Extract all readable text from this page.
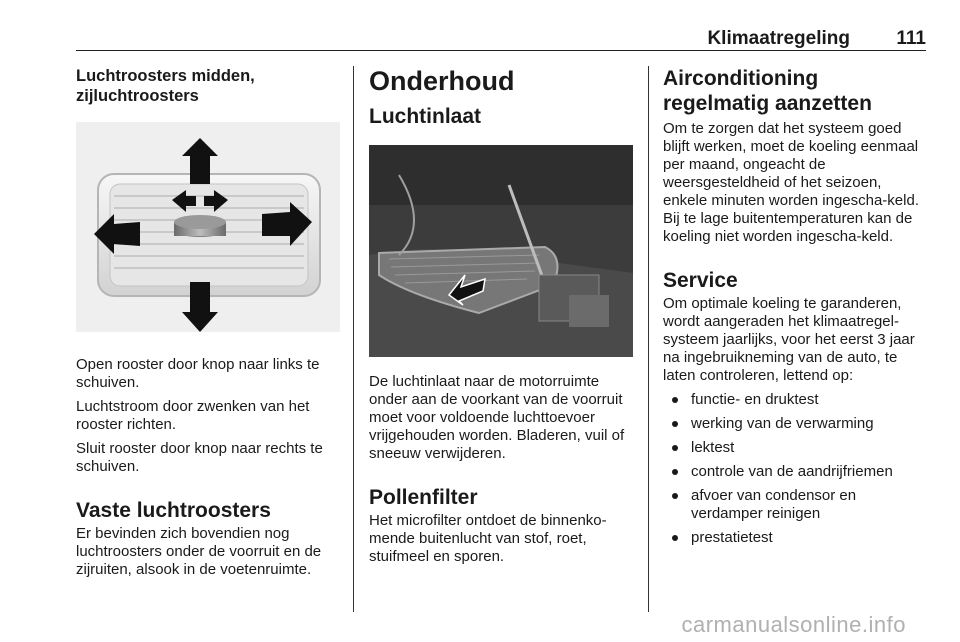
Klimaatregeling 111
Luchtroosters midden, zijluchtroosters

Open rooster door knop naar links te schuiven.

Luchtstroom door zwenken van het rooster richten.

Sluit rooster door knop naar rechts te schuiven.

Vaste luchtroosters

Er bevinden zich bovendien nog luchtroosters onder de voorruit en de zijruiten, alsook in de voetenruimte.

Onderhoud
Luchtinlaat

De luchtinlaat naar de motorruimte onder aan de voorkant van de voorruit moet voor voldoende luchttoevoer vrijgehouden worden. Bladeren, vuil of sneeuw verwijderen.

Pollenfilter

Het microfilter ontdoet de binnenko-mende buitenlucht van stof, roet, stuifmeel en sporen.

Airconditioning regelmatig aanzetten

Om te zorgen dat het systeem goed blijft werken, moet de koeling eenmaal per maand, ongeacht de weersgesteldheid of het seizoen, enkele minuten worden ingescha-keld. Bij te lage buitentemperaturen kan de koeling niet worden ingescha-keld.

Service

Om optimale koeling te garanderen, wordt aangeraden het klimaatregel-systeem jaarlijks, voor het eerst 3 jaar na ingebruikneming van de auto, te laten controleren, lettend op:

functie- en druktest
werking van de verwarming
lektest
controle van de aandrijfriemen
afvoer van condensor en verdamper reinigen
prestatietest
carmanualsonline.info
